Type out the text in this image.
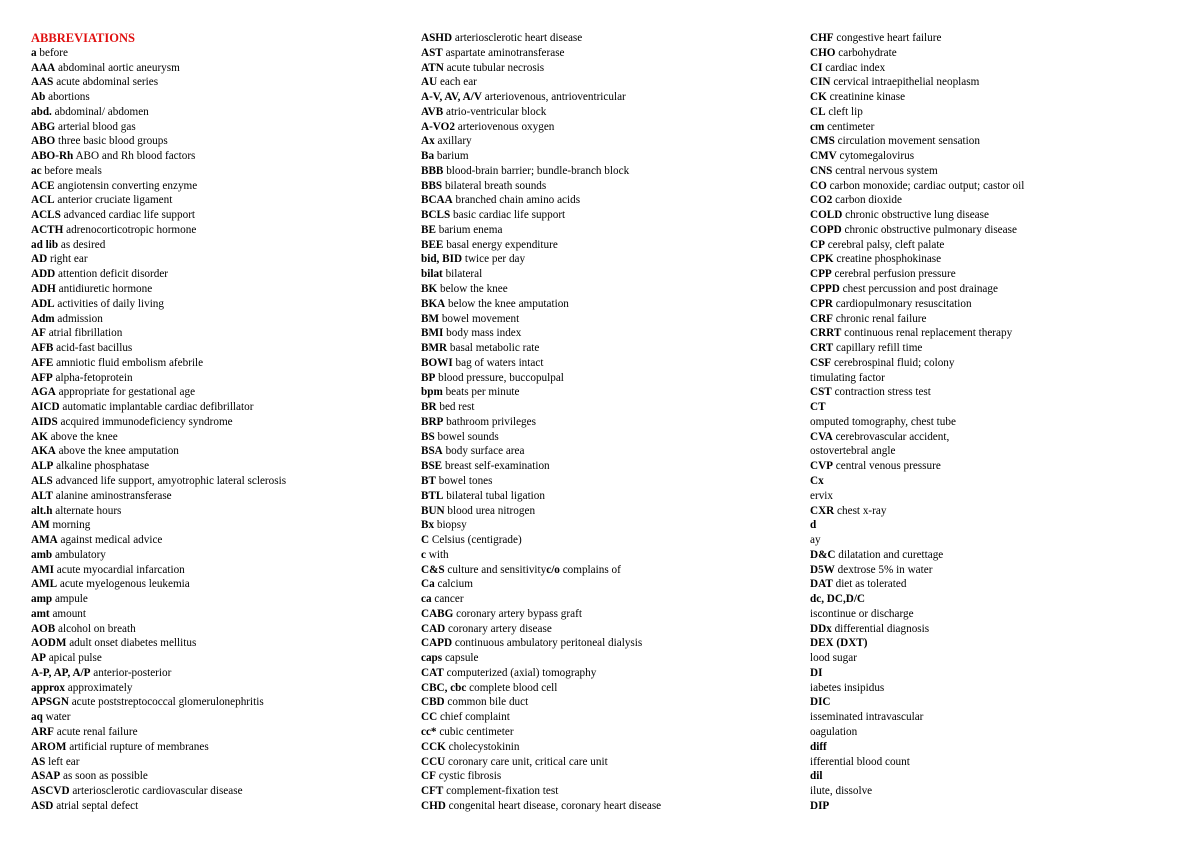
ABBREVIATIONS
a before
AAA abdominal aortic aneurysm
AAS acute abdominal series
Ab abortions
abd. abdominal/ abdomen
ABG arterial blood gas
ABO three basic blood groups
ABO-Rh ABO and Rh blood factors
ac before meals
ACE angiotensin converting enzyme
ACL anterior cruciate ligament
ACLS advanced cardiac life support
ACTH adrenocorticotropic hormone
ad lib as desired
AD right ear
ADD attention deficit disorder
ADH antidiuretic hormone
ADL activities of daily living
Adm admission
AF atrial fibrillation
AFB acid-fast bacillus
AFE amniotic fluid embolism afebrile
AFP alpha-fetoprotein
AGA appropriate for gestational age
AICD automatic implantable cardiac defibrillator
AIDS acquired immunodeficiency syndrome
AK above the knee
AKA above the knee amputation
ALP alkaline phosphatase
ALS advanced life support, amyotrophic lateral sclerosis
ALT alanine aminostransferase
alt.h alternate hours
AM morning
AMA against medical advice
amb ambulatory
AMI acute myocardial infarcation
AML acute myelogenous leukemia
amp ampule
amt amount
AOB alcohol on breath
AODM adult onset diabetes mellitus
AP apical pulse
A-P, AP, A/P anterior-posterior
approx approximately
APSGN acute poststreptococcal glomerulonephritis
aq water
ARF acute renal failure
AROM artificial rupture of membranes
AS left ear
ASAP as soon as possible
ASCVD arteriosclerotic cardiovascular disease
ASD atrial septal defect
ASHD arteriosclerotic heart disease
AST aspartate aminotransferase
ATN acute tubular necrosis
AU each ear
A-V, AV, A/V arteriovenous, antrioventricular
AVB atrio-ventricular block
A-VO2 arteriovenous oxygen
Ax axillary
Ba barium
BBB blood-brain barrier; bundle-branch block
BBS bilateral breath sounds
BCAA branched chain amino acids
BCLS basic cardiac life support
BE barium enema
BEE basal energy expenditure
bid, BID twice per day
bilat bilateral
BK below the knee
BKA below the knee amputation
BM bowel movement
BMI body mass index
BMR basal metabolic rate
BOWI bag of waters intact
BP blood pressure, buccopulpal
bpm beats per minute
BR bed rest
BRP bathroom privileges
BS bowel sounds
BSA body surface area
BSE breast self-examination
BT bowel tones
BTL bilateral tubal ligation
BUN blood urea nitrogen
Bx biopsy
C Celsius (centigrade)
c with
C&S culture and sensitivityc/o complains of
Ca calcium
ca cancer
CABG coronary artery bypass graft
CAD coronary artery disease
CAPD continuous ambulatory peritoneal dialysis
caps capsule
CAT computerized (axial) tomography
CBC, cbc complete blood cell
CBD common bile duct
CC chief complaint
cc* cubic centimeter
CCK cholecystokinin
CCU coronary care unit, critical care unit
CF cystic fibrosis
CFT complement-fixation test
CHD congenital heart disease, coronary heart disease
CHF congestive heart failure
CHO carbohydrate
CI cardiac index
CIN cervical intraepithelial neoplasm
CK creatinine kinase
CL cleft lip
cm centimeter
CMS circulation movement sensation
CMV cytomegalovirus
CNS central nervous system
CO carbon monoxide; cardiac output; castor oil
CO2 carbon dioxide
COLD chronic obstructive lung disease
COPD chronic obstructive pulmonary disease
CP cerebral palsy, cleft palate
CPK creatine phosphokinase
CPP cerebral perfusion pressure
CPPD chest percussion and post drainage
CPR cardiopulmonary resuscitation
CRF chronic renal failure
CRRT continuous renal replacement therapy
CRT capillary refill time
CSF cerebrospinal fluid; colony
timulating factor
CST contraction stress test
CT
omputed tomography, chest tube
CVA cerebrovascular accident,
ostovertebral angle
CVP central venous pressure
Cx
ervix
CXR chest x-ray
d
ay
D&C dilatation and curettage
D5W dextrose 5% in water
DAT diet as tolerated
dc, DC,D/C
iscontinue or discharge
DDx differential diagnosis
DEX (DXT)
lood sugar
DI
iabetes insipidus
DIC
isseminated intravascular
oagulation
diff
ifferential blood count
dil
ilute, dissolve
DIP
